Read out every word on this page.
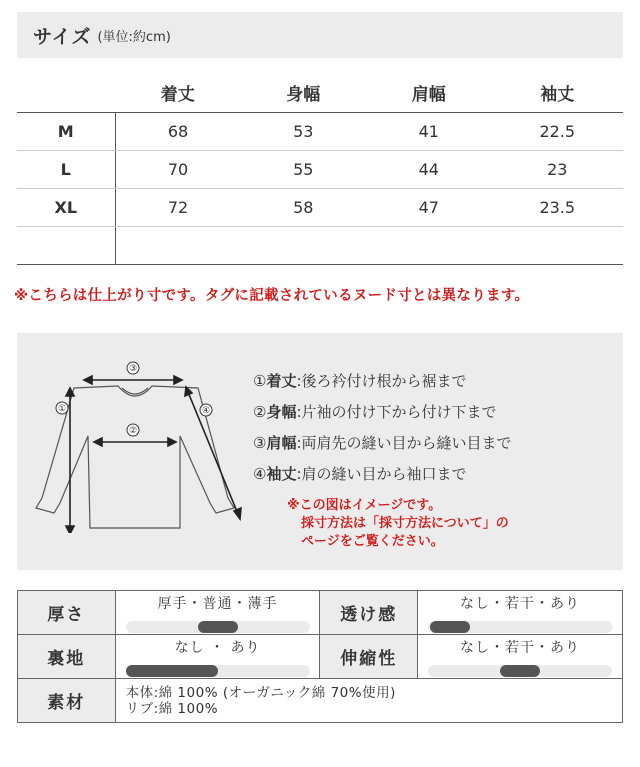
サイズ (単位:約cm)
	着丈	身幅	肩幅	袖丈
M	68	53	41	22.5
L	70	55	44	23
XL	72	58	47	23.5

※こちらは仕上がり寸です。タグに記載されているヌード寸とは異なります。
③
②
①	④
①着丈:後ろ衿付け根から裾まで
②身幅:片袖の付け下から付け下まで
③肩幅:両肩先の縫い目から縫い目まで
④袖丈:肩の縫い目から袖口まで
※この図はイメージです。
採寸方法は「採寸方法について」の
ページをご覧ください。
厚さ	厚手・普通・薄手	透け感	なし・若干・あり

裏地	なし ・ あり	伸縮性	なし・若干・あり

素材	本体:綿 100% (オーガニック綿 70%使用)
リブ:綿 100%		
